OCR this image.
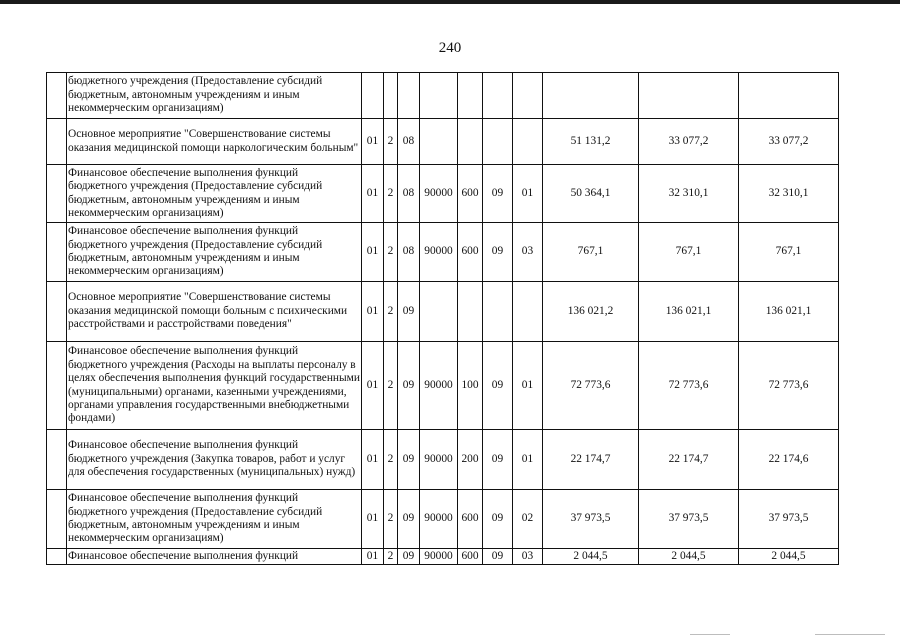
240
	бюджетного учреждения (Предоставление субсидий бюджетным, автономным учреждениям и иным некоммерческим организациям)										
	Основное мероприятие "Совершенствование системы оказания медицинской помощи наркологическим больным"	01	2	08					51 131,2	33 077,2	33 077,2
	Финансовое обеспечение выполнения функций бюджетного учреждения (Предоставление субсидий бюджетным, автономным учреждениям и иным некоммерческим организациям)	01	2	08	90000	600	09	01	50 364,1	32 310,1	32 310,1
	Финансовое обеспечение выполнения функций бюджетного учреждения (Предоставление субсидий бюджетным, автономным учреждениям и иным некоммерческим организациям)	01	2	08	90000	600	09	03	767,1	767,1	767,1
	Основное мероприятие "Совершенствование системы оказания медицинской помощи больным с психическими расстройствами и расстройствами поведения"	01	2	09					136 021,2	136 021,1	136 021,1
	Финансовое обеспечение выполнения функций бюджетного учреждения (Расходы на выплаты персоналу в целях обеспечения выполнения функций государственными (муниципальными) органами, казенными учреждениями, органами управления государственными внебюджетными фондами)	01	2	09	90000	100	09	01	72 773,6	72 773,6	72 773,6
	Финансовое обеспечение выполнения функций бюджетного учреждения (Закупка товаров, работ и услуг для обеспечения государственных (муниципальных) нужд)	01	2	09	90000	200	09	01	22 174,7	22 174,7	22 174,6
	Финансовое обеспечение выполнения функций бюджетного учреждения (Предоставление субсидий бюджетным, автономным учреждениям и иным некоммерческим организациям)	01	2	09	90000	600	09	02	37 973,5	37 973,5	37 973,5
	Финансовое обеспечение выполнения функций	01	2	09	90000	600	09	03	2 044,5	2 044,5	2 044,5
